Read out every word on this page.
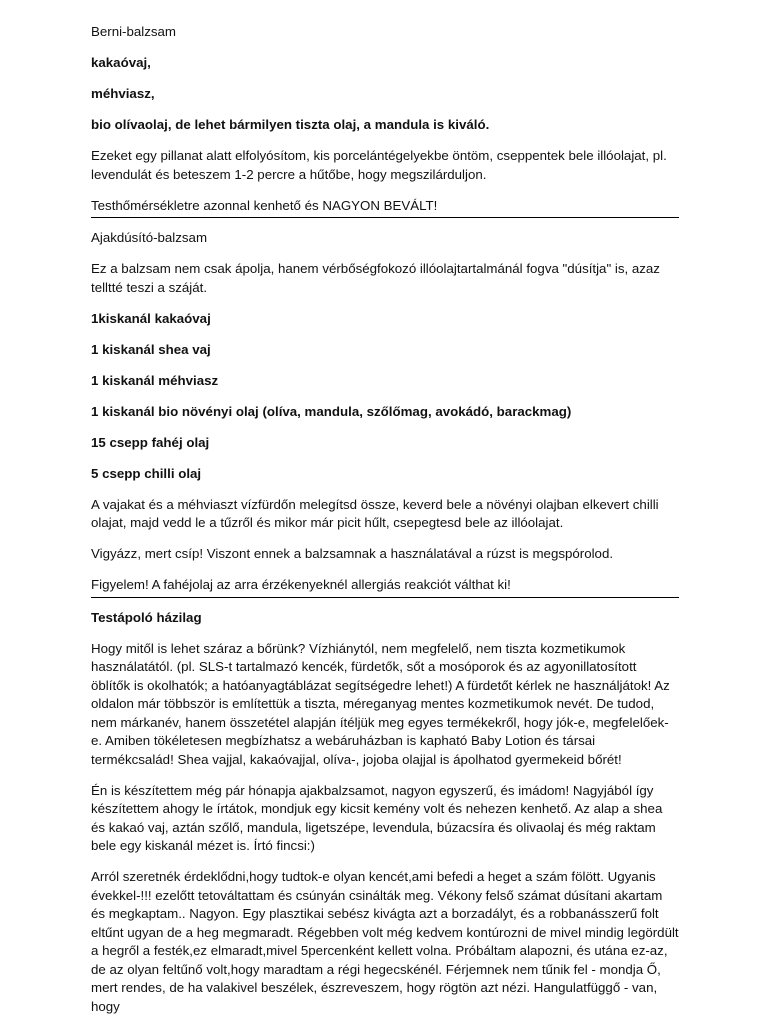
Berni-balzsam

kakaóvaj,

méhviasz,

bio olívaolaj, de lehet bármilyen tiszta olaj, a mandula is kiváló.

Ezeket egy pillanat alatt elfolyósítom, kis porcelántégelyekbe öntöm, cseppentek bele illóolajat, pl. levendulát és beteszem 1-2 percre a hűtőbe, hogy megszilárduljon.

Testhőmérsékletre azonnal kenhető és NAGYON BEVÁLT!

Ajakdúsító-balzsam

Ez a balzsam nem csak ápolja, hanem vérbőségfokozó illóolajtartalmánál fogva "dúsítja" is, azaz telltté teszi a száját.

1kiskanál kakaóvaj

1 kiskanál shea vaj

1 kiskanál méhviasz

1 kiskanál bio növényi olaj (olíva, mandula, szőlőmag, avokádó, barackmag)

15 csepp fahéj olaj

5 csepp chilli olaj

A vajakat és a méhviaszt vízfürdőn melegítsd össze, keverd bele a növényi olajban elkevert chilli olajat, majd vedd le a tűzről és mikor már picit hűlt, csepegtesd bele az illóolajat.

Vigyázz, mert csíp! Viszont ennek a balzsamnak a használatával a rúzst is megspórolod.

Figyelem! A fahéjolaj az arra érzékenyeknél allergiás reakciót válthat ki!

Testápoló házilag

Hogy mitől is lehet száraz a bőrünk? Vízhiánytól, nem megfelelő, nem tiszta kozmetikumok használatától. (pl. SLS-t tartalmazó kencék, fürdetők, sőt a mosóporok és az agyonillatosított öblítők is okolhatók; a hatóanyagtáblázat segítségedre lehet!) A fürdetőt kérlek ne használjátok! Az oldalon már többször is említettük a tiszta, méreganyag mentes kozmetikumok nevét. De tudod, nem márkanév, hanem összetétel alapján ítéljük meg egyes termékekről, hogy jók-e, megfelelőek-e. Amiben tökéletesen megbízhatsz a webáruházban is kapható Baby Lotion és társai termékcsalád! Shea vajjal, kakaóvajjal, olíva-, jojoba olajjal is ápolhatod gyermekeid bőrét!

Én is készítettem még pár hónapja ajakbalzsamot, nagyon egyszerű, és imádom! Nagyjából így készítettem ahogy le írtátok, mondjuk egy kicsit kemény volt és nehezen kenhető. Az alap a shea és kakaó vaj, aztán szőlő, mandula, ligetszépe, levendula, búzacsíra és olivaolaj és még raktam bele egy kiskanál mézet is. Írtó fincsi:)

Arról szeretnék érdeklődni,hogy tudtok-e olyan kencét,ami befedi a heget a szám fölött. Ugyanis évekkel-!!! ezelőtt tetováltattam és csúnyán csinálták meg. Vékony felső számat dúsítani akartam és megkaptam.. Nagyon. Egy plasztikai sebész kivágta azt a borzadályt, és a robbanásszerű folt eltűnt ugyan de a heg megmaradt. Régebben volt még kedvem kontúrozni de mivel mindig legördült a hegről a festék,ez elmaradt,mivel 5percenként kellett volna. Próbáltam alapozni, és utána ez-az, de az olyan feltűnő volt,hogy maradtam a régi hegecskénél. Férjemnek nem tűnik fel - mondja Ő, mert rendes, de ha valakivel beszélek, észreveszem, hogy rögtön azt nézi. Hangulatfüggő - van, hogy
